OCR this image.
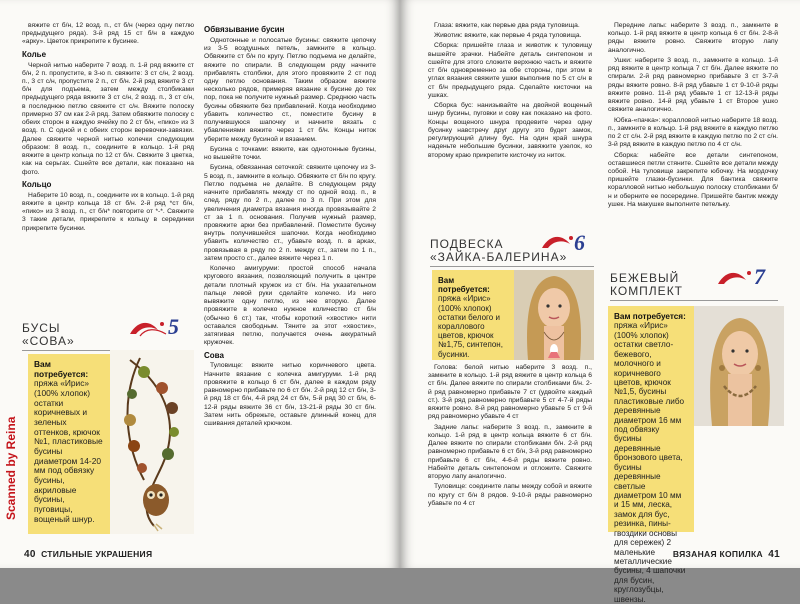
вяжите ст б/н, 12 возд. п., ст б/н (через одну петлю предыдущего ряда). 3-й ряд 15 ст б/н в каждую «арку». Цветок прикрепите к бусинке.

Колье

Черной нитью наберите 7 возд. п. 1-й ряд вяжите ст б/н, 2 п. пропустите, в 3-ю п. свяжите: 3 ст с/н, 2 возд. п., 3 ст с/н, пропустите 2 п., ст б/н. 2-й ряд вяжите 3 ст б/н для подъема, затем между столбиками предыдущего ряда вяжите 3 ст с/н, 2 возд. п., 3 ст с/н, в последнюю петлю свяжите ст с/н. Вяжите полоску примерно 37 см как 2-й ряд. Затем обвяжите полоску с обеих сторон в каждую ячейку по 2 ст б/н, «пико» из 3 возд. п. С одной и с обеих сторон веревочки-завязки. Далее свяжите черной нитью колечки следующим образом: 8 возд. п., соедините в кольцо. 1-й ряд вяжите в центр кольца по 12 ст б/н. Свяжите 3 цветка, как на серьгах. Сшейте все детали, как показано на фото.

Кольцо

Наберите 10 возд. п., соедините их в кольцо. 1-й ряд вяжите в центр кольца 18 ст б/н. 2-й ряд *ст б/н, «пико» из 3 возд. п., ст б/н* повторите от *-*. Свяжите 3 такие детали, прикрепите к кольцу в серединки прикрепите бусинки.

БУСЫ
«СОВА»
5
Вам потребуется:
пряжа «Ирис» (100% хлопок) остатки коричневых и зеленых оттенков, крючок №1, пластиковые бусины диаметром 14-20 мм под обвязку бусины, акриловые бусины, пуговицы, вощеный шнур.
Scanned by Reina
Обвязывание бусин

Однотонные и полосатые бусины: свяжите цепочку из 3-5 воздушных петель, замкните в кольцо. Обвяжите ст б/н по кругу. Петлю подъема не делайте, вяжите по спирали. В следующем ряду начните прибавлять столбики, для этого провяжите 2 ст под одну петлю основания. Таким образом вяжите несколько рядов, примеряя вязание к бусине до тех пор, пока не получите нужный размер. Среднюю часть бусины обвяжите без прибавлений. Когда необходимо убавить количество ст., поместите бусину в получившуюся шапочку и начните вязать с убавлениями вяжите через 1 ст б/н. Концы ниток уберите между бусиной и вязанием.

Бусина с точками: вяжите, как однотонные бусины, но вышейте точки.

Бусина, обвязанная сеточкой: свяжите цепочку из 3-5 возд. п., замкните в кольцо. Обвяжите ст б/н по кругу. Петлю подъема не делайте. В следующем ряду начните прибавлять между ст по одной возд. п., в след. ряду по 2 п., далее по 3 п. При этом для увеличения диаметра вязания иногда провязывайте 2 ст за 1 п. основания. Получив нужный размер, провяжите арки без прибавлений. Поместите бусину внутрь получившейся шапочки. Когда необходимо убавить количество ст., убавьте возд. п. в арках, провязывая в ряду по 2 п. между ст., затем по 1 п., затем просто ст., далее вяжите через 1 п.

Колечко амигуруми: простой способ начала кругового вязания, позволяющий получить в центре детали плотный кружок из ст б/н. На указательном пальце левой руки сделайте колечко. Из него вывяжите одну петлю, из нее вторую. Далее провяжите в колечко нужное количество ст б/н (обычно 6 ст.) так, чтобы короткий «хвостик» нити оставался свободным. Тяните за этот «хвостик», затягивая петлю, получается очень аккуратный кружочек.

Сова

Туловище: вяжите нитью коричневого цвета. Начните вязание с колечка амигуруми. 1-й ряд провяжите в кольцо 6 ст б/н, далее в каждом ряду равномерно прибавьте по 6 ст б/н. 2-й ряд 12 ст б/н, 3-й ряд 18 ст б/н, 4-й ряд 24 ст б/н, 5-й ряд 30 ст б/н, 6-12-й ряды вяжите 36 ст б/н, 13-21-й ряды 30 ст б/н. Затем нить обрежьте, оставьте длинный конец для сшивания деталей крючком.

40 СТИЛЬНЫЕ УКРАШЕНИЯ

Глаза: вяжите, как первые два ряда туловища.

Животик: вяжите, как первые 4 ряда туловища.

Сборка: пришейте глаза и животик к туловищу вышейте зрачки. Набейте деталь синтепоном и сшейте для этого сложите верхнюю часть и вяжите ст б/н одновременно за обе стороны, при этом в углах вязания свяжите ушки выполнив по 5 ст с/н в ст б/н предыдущего ряда. Сделайте кисточки на ушках.

Сборка бус: нанизывайте на двойной вощеный шнур бусины, пуговки и сову как показано на фото. Концы вощеного шнура продевите через одну бусинку навстречу друг другу это будет замок, регулирующий длину бус. На один край шнура наденьте небольшие бусинки, завяжите узелок, ко второму краю прикрепите кисточку из ниток.

ПОДВЕСКА
«ЗАЙКА-БАЛЕРИНА»
6
Вам потребуется:
пряжа «Ирис» (100% хлопок) остатки белого и кораллового цветов, крючок №1,75, синтепон, бусинки.

Голова: белой нитью наберите 3 возд. п., замкните в кольцо. 1-й ряд вяжите в центр кольца 6 ст б/н. Далее вяжите по спирали столбиками б/н. 2-й ряд равномерно прибавьте 7 ст (удвойте каждый ст.). 3-й ряд равномерно прибавьте 5 ст 4-7-й ряды вяжите ровно. 8-й ряд равномерно убавьте 5 ст 9-й ряд равномерно убавьте 4 ст

Задние лапы: наберите 3 возд. п., замкните в кольцо. 1-й ряд в центр кольца вяжите 6 ст б/н. Далее вяжите по спирали столбиками б/н. 2-й ряд равномерно прибавьте 6 ст б/н, 3-й ряд равномерно прибавьте 6 ст б/н, 4-6-й ряды вяжите ровно. Набейте деталь синтепоном и отложите. Свяжите вторую лапу аналогично.

Туловище: соедините лапы между собой и вяжите по кругу ст б/н 8 рядов. 9-10-й ряды равномерно убавьте по 4 ст

Передние лапы: наберите 3 возд. п., замкните в кольцо. 1-й ряд вяжите в центр кольца 6 ст б/н. 2-8-й ряды вяжите ровно. Свяжите вторую лапу аналогично.

Ушки: наберите 3 возд. п., замкните в кольцо. 1-й ряд вяжите в центр кольца 7 ст б/н. Далее вяжите по спирали. 2-й ряд равномерно прибавьте 3 ст 3-7-й ряды вяжите ровно. 8-й ряд убавьте 1 ст 9-10-й ряды вяжите ровно. 11-й ряд убавьте 1 ст 12-13-й ряды вяжите ровно. 14-й ряд убавьте 1 ст Второе ушко свяжите аналогично.

Юбка-«пачка»: коралловой нитью наберите 18 возд. п., замкните в кольцо. 1-й ряд вяжите в каждую петлю по 2 ст с/н. 2-й ряд вяжите в каждую петлю по 2 ст с/н. 3-й ряд вяжите в каждую петлю по 4 ст с/н.

Сборка: набейте все детали синтепоном, оставшиеся петли стяните. Сшейте все детали между собой. На туловище закрепите юбочку. На мордочку пришейте глазки-бусинки. Для бантика свяжите коралловой нитью небольшую полоску столбиками б/н и оберните ее посередине. Пришейте бантик между ушек. На макушке выполните петельку.

БЕЖЕВЫЙ
КОМПЛЕКТ
7
Вам потребуется:
пряжа «Ирис» (100% хлопок) остатки светло-бежевого, молочного и коричневого цветов, крючок №1,5, бусины пластиковые либо деревянные диаметром 16 мм под обвязку бусины деревянные бронзового цвета, бусины деревянные светлые диаметром 10 мм и 15 мм, леска, замок для бус, резинка, пины-гвоздики основы для сережек) 2 маленькие металлические бусины, 4 шапочки для бусин, круглозубцы, швензы.
ВЯЗАНАЯ КОПИЛКА 41
